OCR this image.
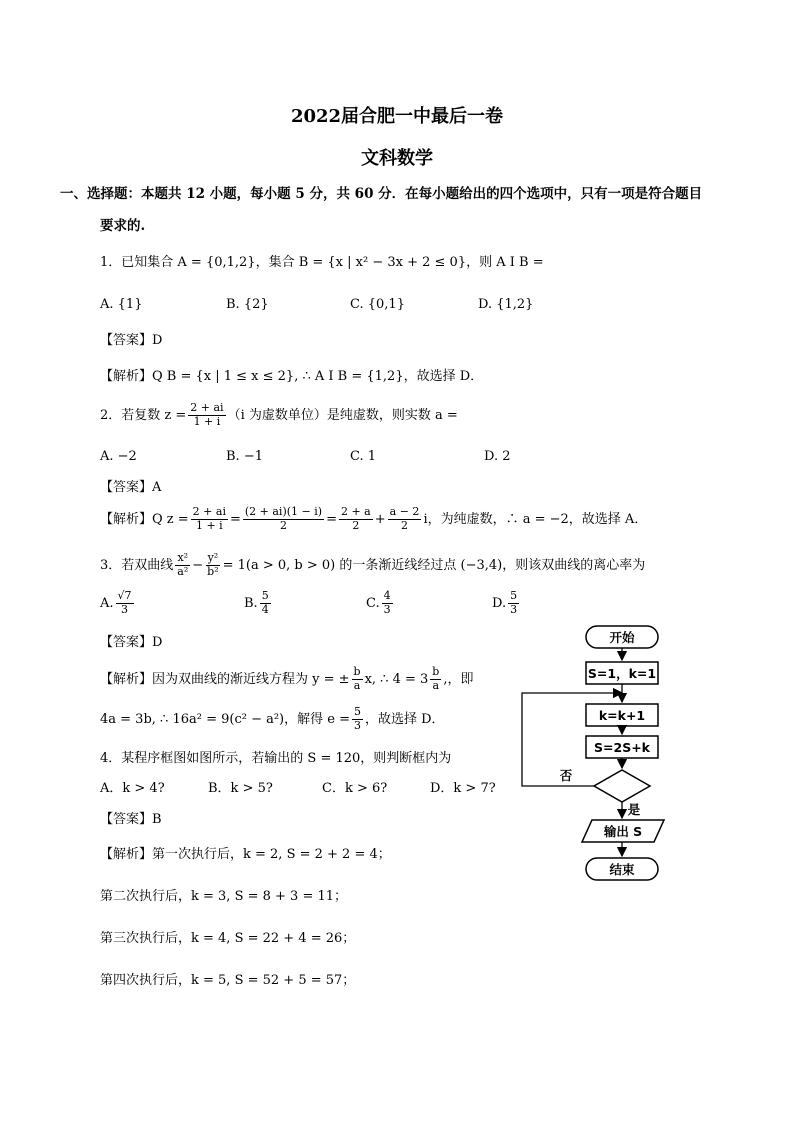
2022届合肥一中最后一卷
文科数学
一、选择题：本题共 12 小题，每小题 5 分，共 60 分．在每小题给出的四个选项中，只有一项是符合题目
要求的.
1．已知集合 A = {0,1,2}，集合 B = {x | x² − 3x + 2 ≤ 0}，则 A I B =
A. {1}	B. {2}	C. {0,1}	D. {1,2}
【答案】D
【解析】Q B = {x | 1 ≤ x ≤ 2}, ∴ A I B = {1,2}，故选择 D．
2．若复数 $z = \frac{2 + ai}{1 + i} (i$ 为虚数单位）是纯虚数，则实数 a =
A. −2	B. −1	C. 1	D. 2
【答案】A
【解析】Q $z = \frac{2 + ai}{1 + i} = \frac{(2 + ai)(1 - i)}{2} = \frac{2 + a}{2} + \frac{a - 2}{2}$ i，为纯虚数，∴ a = −2，故选择 A．
3．若双曲线 $\frac{\text{x²}}{\text{a²}} - \frac{\text{y²}}{\text{b²}} = 1(a > 0$, b > 0) 的一条渐近线经过点 (−3,4)，则该双曲线的离心率为
A. $\frac{√7}{3}$	B. $\frac{5}{4}$	C. $\frac{4}{3}$	D. $\frac{5}{3}$
【答案】D
【解析】因为双曲线的渐近线方程为 y = ± $\frac{b}{a} x$, ∴ $4 = 3 \frac{b}{a}$ ,，即
4a = 3b, ∴ 16a² = 9(c² − a²)，解得 $e = \frac{5}{3}$ ，故选择 D．
4．某程序框图如图所示，若输出的 S = 120，则判断框内为
A．k > 4?	B．k > 5?	C．k > 6?	D．k > 7?
【答案】B
【解析】第一次执行后，k = 2, S = 2 + 2 = 4；
第二次执行后，k = 3, S = 8 + 3 = 11；
第三次执行后，k = 4, S = 22 + 4 = 26；
第四次执行后，k = 5, S = 52 + 5 = 57；
开始
S=1，k=1
k=k+1
S=2S+k
否
是
输出 S
结束
